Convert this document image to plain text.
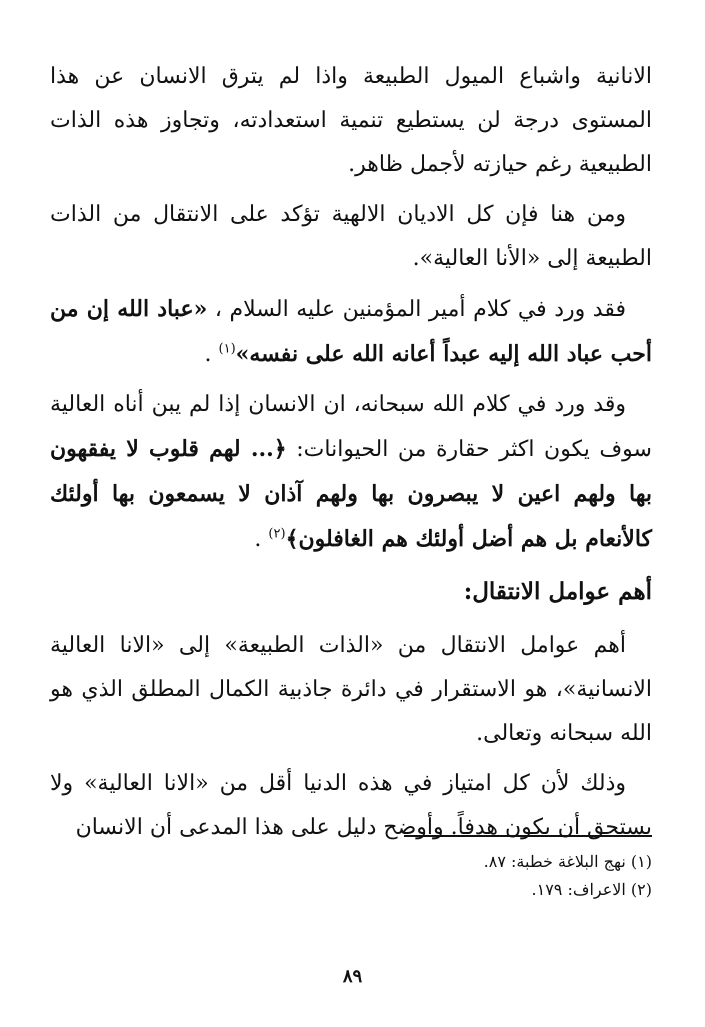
الانانية واشباع الميول الطبيعة واذا لم يترق الانسان عن هذا المستوى درجة لن يستطيع تنمية استعدادته، وتجاوز هذه الذات الطبيعية رغم حيازته لأجمل ظاهر.

ومن هنا فإن كل الاديان الالهية تؤكد على الانتقال من الذات الطبيعة إلى «الأنا العالية».

فقد ورد في كلام أمير المؤمنين عليه السلام ، «عباد الله إن من أحب عباد الله إليه عبداً أعانه الله على نفسه»$^{(١)}$ .

وقد ورد في كلام الله سبحانه، ان الانسان إذا لم يبن أناه العالية سوف يكون اكثر حقارة من الحيوانات: ﴿... لهم قلوب لا يفقهون بها ولهم اعين لا يبصرون بها ولهم آذان لا يسمعون بها أولئك كالأنعام بل هم أضل أولئك هم الغافلون﴾$^{(٢)}$ .

أهم عوامل الانتقال:

أهم عوامل الانتقال من «الذات الطبيعة» إلى «الانا العالية الانسانية»، هو الاستقرار في دائرة جاذبية الكمال المطلق الذي هو الله سبحانه وتعالى.

وذلك لأن كل امتياز في هذه الدنيا أقل من «الانا العالية» ولا يستحق أن يكون هدفاً. وأوضح دليل على هذا المدعى أن الانسان

(١) نهج البلاغة خطبة: ٨٧.
(٢) الاعراف: ١٧٩.
٨٩
